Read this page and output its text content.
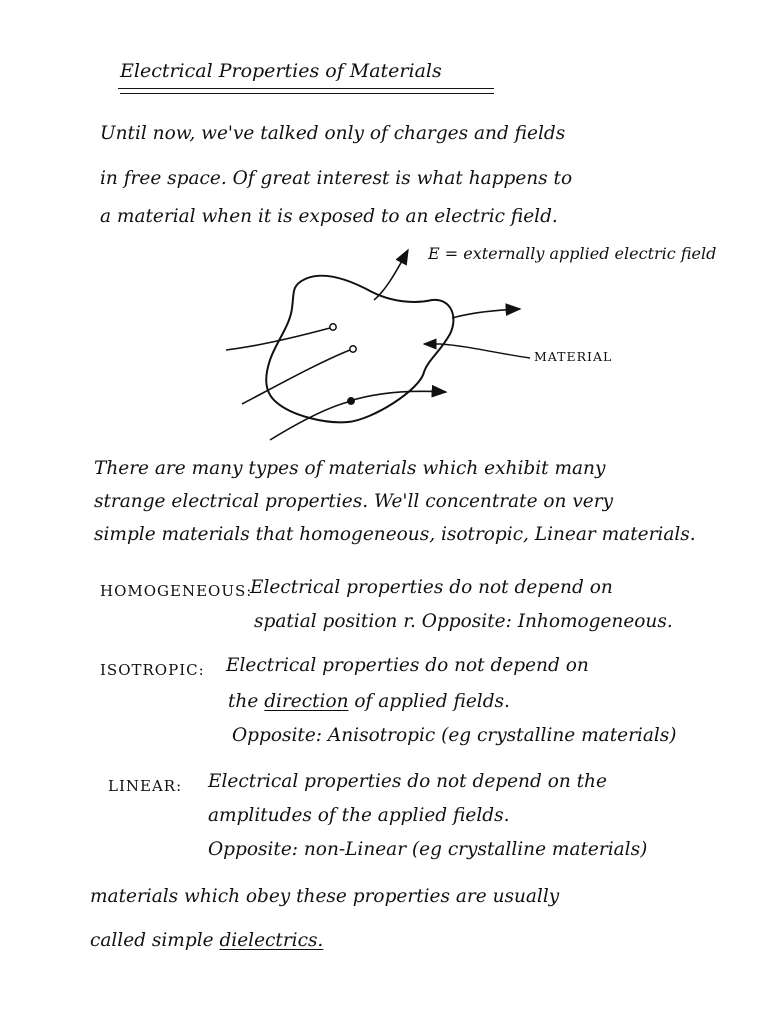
Electrical Properties of Materials
Until now, we've talked only of charges and fields
in free space. Of great interest is what happens to
a material when it is exposed to an electric field.
E = externally applied electric field
MATERIAL
There are many types of materials which exhibit many
strange electrical properties. We'll concentrate on very
simple materials that homogeneous, isotropic, Linear materials.
HOMOGENEOUS:
Electrical properties do not depend on
spatial position r. Opposite: Inhomogeneous.
ISOTROPIC: Electrical properties do not depend on
the direction of applied fields.
Opposite: Anisotropic (eg crystalline materials)
LINEAR: Electrical properties do not depend on the
amplitudes of the applied fields.
Opposite: non-Linear (eg crystalline materials)
materials which obey these properties are usually
called simple dielectrics.
